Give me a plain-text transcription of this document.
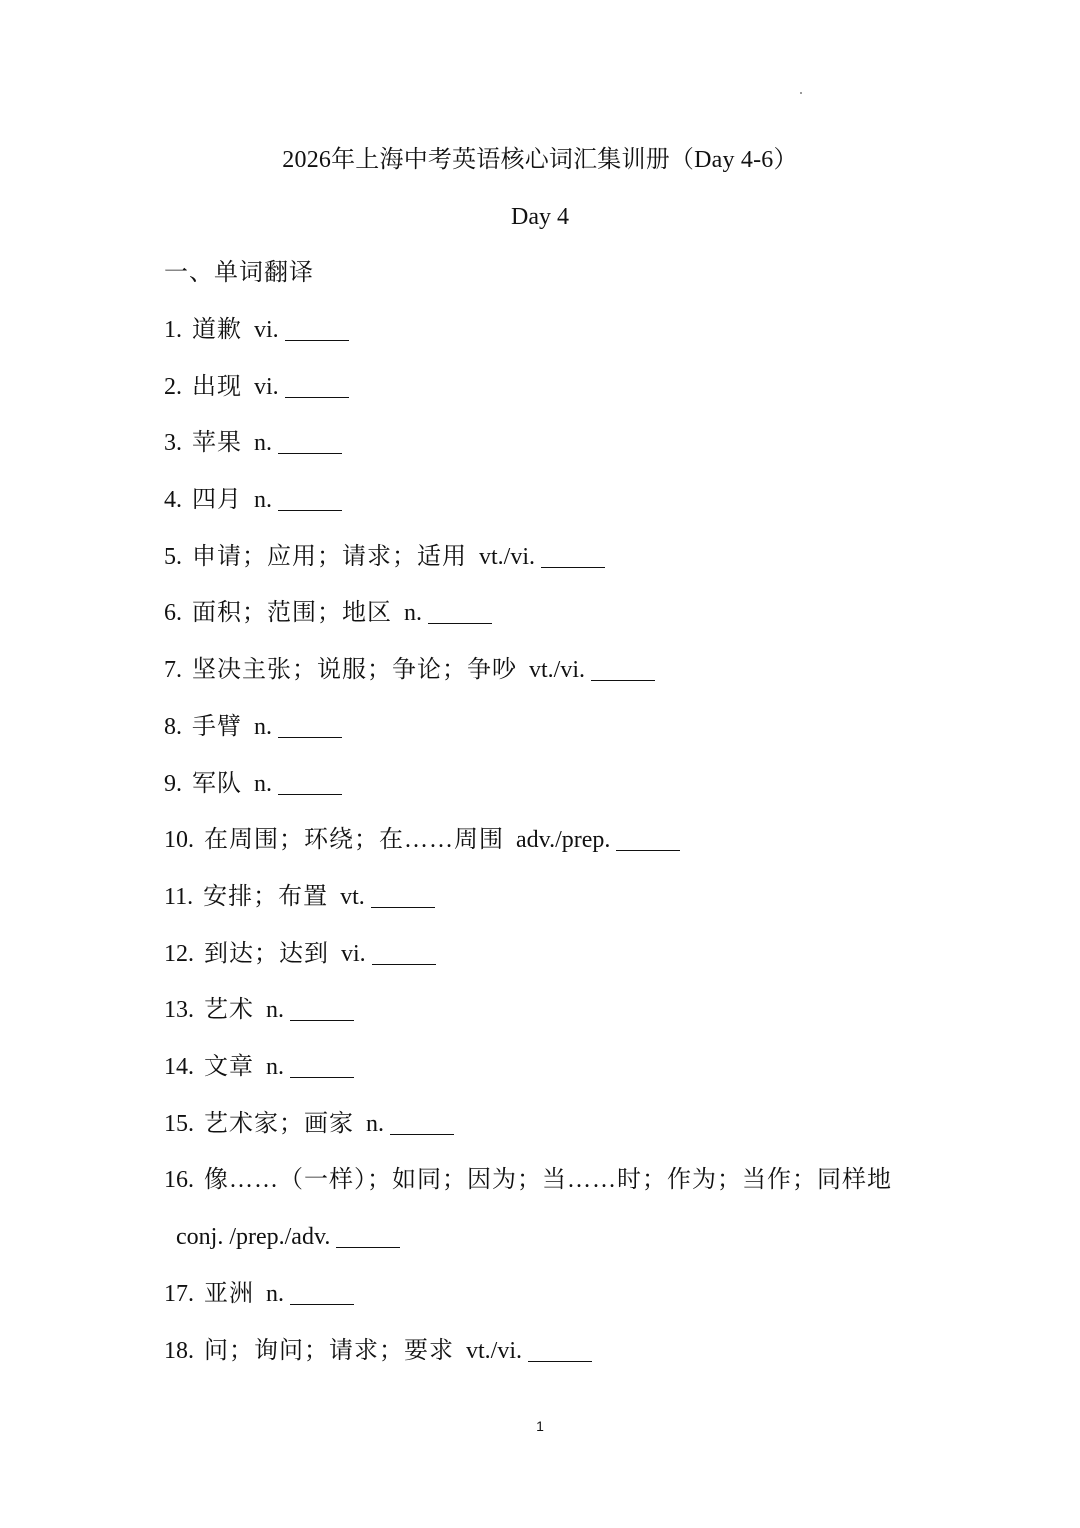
2026年上海中考英语核心词汇集训册（Day 4-6）
Day 4
一、单词翻译
1. 道歉 vi.
2. 出现 vi.
3. 苹果 n.
4. 四月 n.
5. 申请；应用；请求；适用 vt./vi.
6. 面积；范围；地区 n.
7. 坚决主张；说服；争论；争吵 vt./vi.
8. 手臂 n.
9. 军队 n.
10. 在周围；环绕；在……周围 adv./prep.
11. 安排；布置 vt.
12. 到达；达到 vi.
13. 艺术 n.
14. 文章 n.
15. 艺术家；画家 n.
16. 像……（一样）；如同；因为；当……时；作为；当作；同样地conj. /prep./adv.
17. 亚洲 n.
18. 问；询问；请求；要求 vt./vi.
1
